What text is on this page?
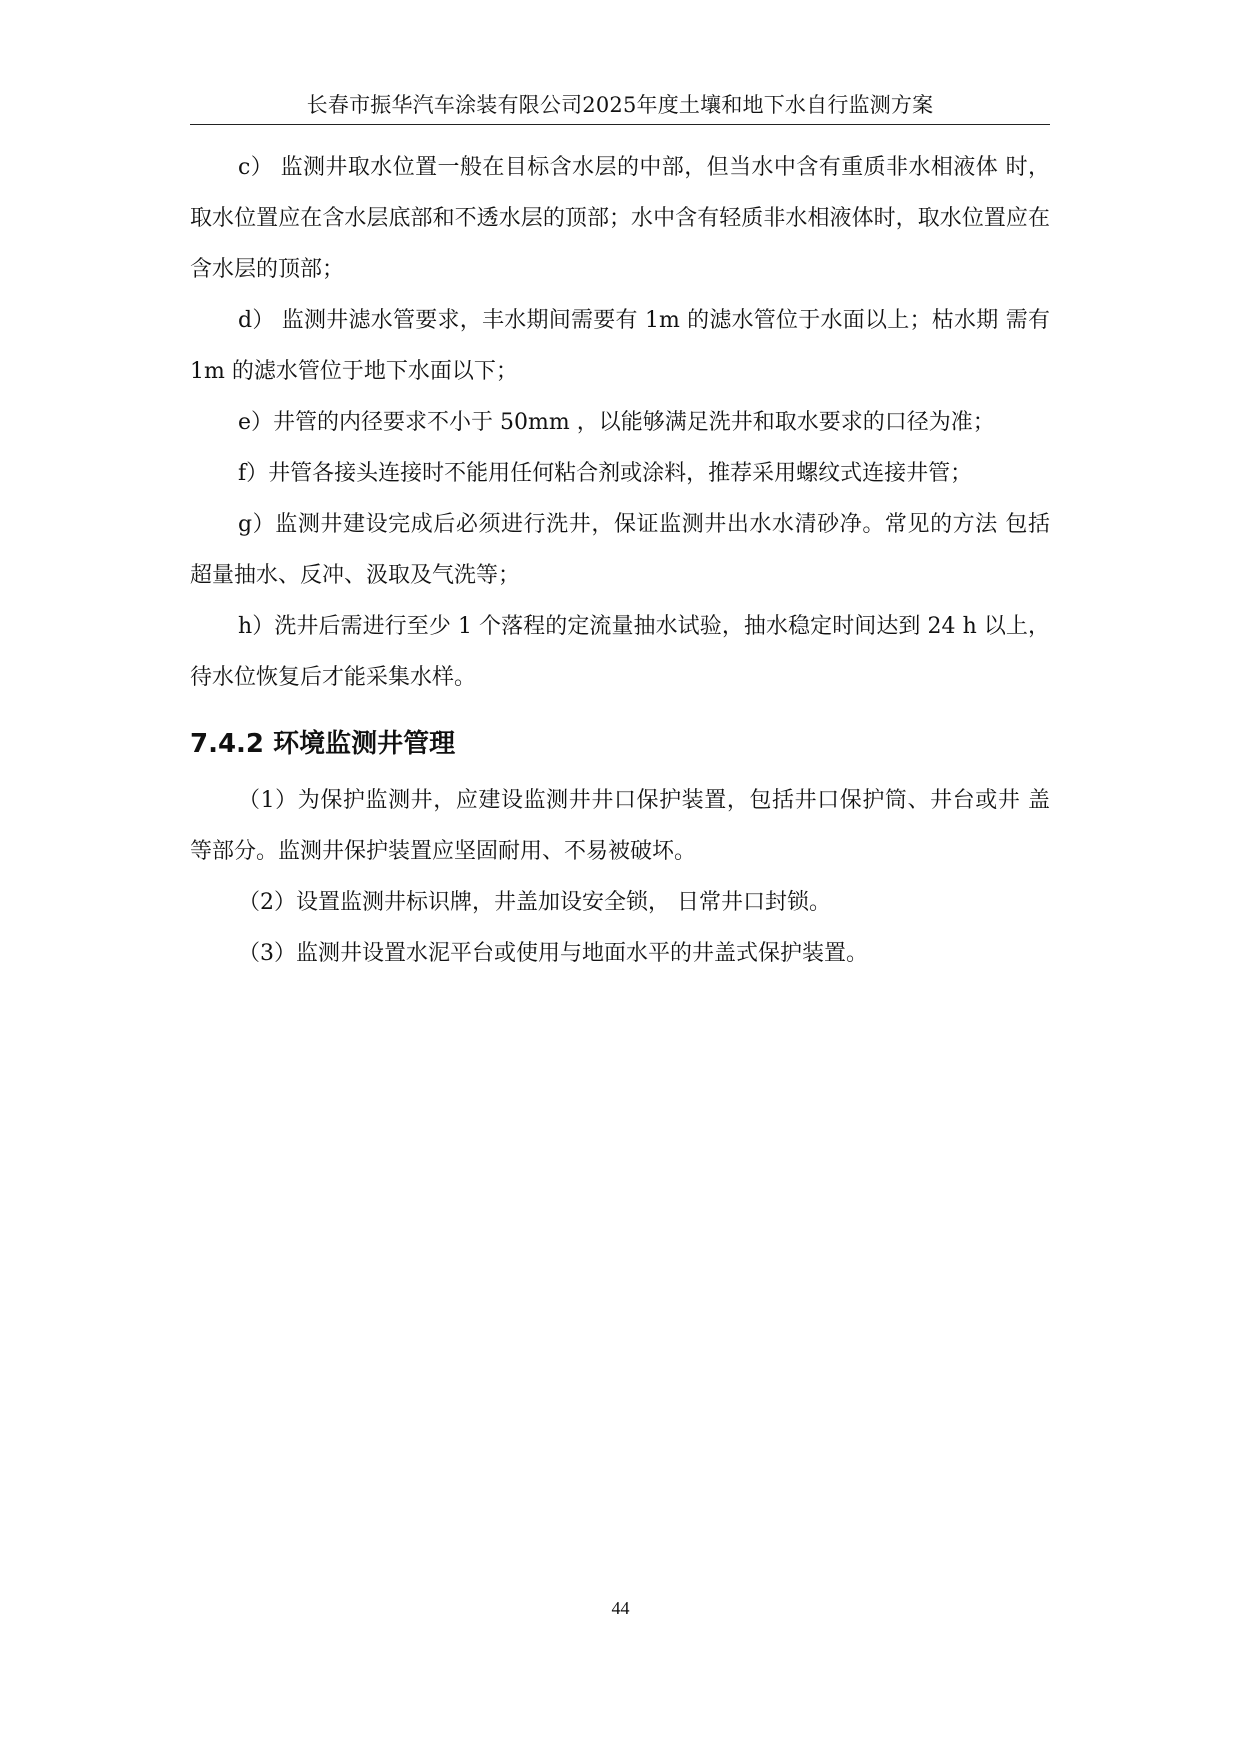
长春市振华汽车涂装有限公司2025年度土壤和地下水自行监测方案

c） 监测井取水位置一般在目标含水层的中部，但当水中含有重质非水相液体 时，取水位置应在含水层底部和不透水层的顶部；水中含有轻质非水相液体时，取水位置应在含水层的顶部；

d） 监测井滤水管要求，丰水期间需要有 1m 的滤水管位于水面以上；枯水期 需有 1m 的滤水管位于地下水面以下；

e）井管的内径要求不小于 50mm ，以能够满足洗井和取水要求的口径为准；

f）井管各接头连接时不能用任何粘合剂或涂料，推荐采用螺纹式连接井管；

g）监测井建设完成后必须进行洗井，保证监测井出水水清砂净。常见的方法 包括超量抽水、反冲、汲取及气洗等；

h）洗井后需进行至少 1 个落程的定流量抽水试验，抽水稳定时间达到 24 h 以上，待水位恢复后才能采集水样。

7.4.2 环境监测井管理

（1）为保护监测井，应建设监测井井口保护装置，包括井口保护筒、井台或井 盖等部分。监测井保护装置应坚固耐用、不易被破坏。

（2）设置监测井标识牌，井盖加设安全锁， 日常井口封锁。

（3）监测井设置水泥平台或使用与地面水平的井盖式保护装置。

44
